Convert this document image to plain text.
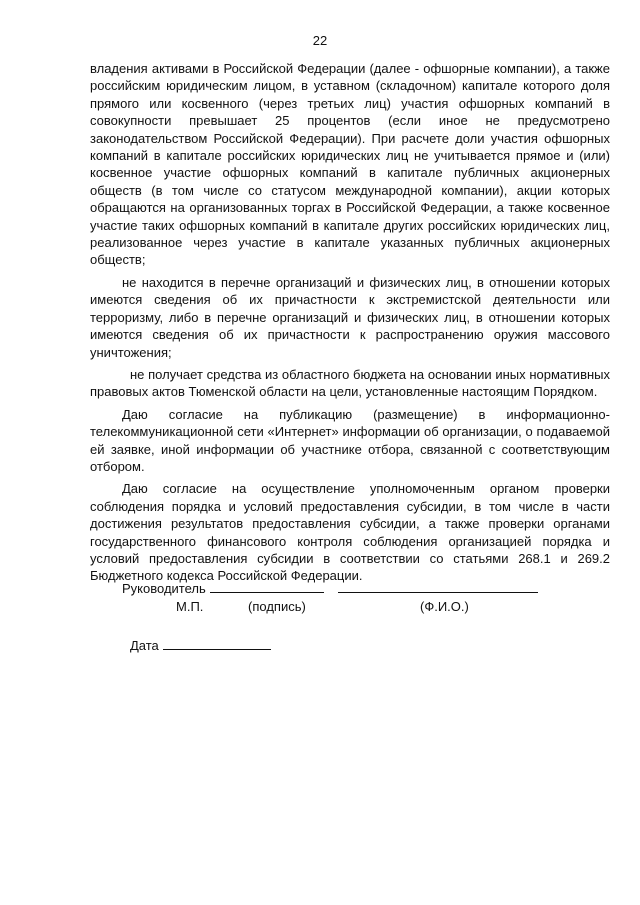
22

владения активами в Российской Федерации (далее - офшорные компании), а также российским юридическим лицом, в уставном (складочном) капитале которого доля прямого или косвенного (через третьих лиц) участия офшорных компаний в совокупности превышает 25 процентов (если иное не предусмотрено законодательством Российской Федерации). При расчете доли участия офшорных компаний в капитале российских юридических лиц не учитывается прямое и (или) косвенное участие офшорных компаний в капитале публичных акционерных обществ (в том числе со статусом международной компании), акции которых обращаются на организованных торгах в Российской Федерации, а также косвенное участие таких офшорных компаний в капитале других российских юридических лиц, реализованное через участие в капитале указанных публичных акционерных обществ;

не находится в перечне организаций и физических лиц, в отношении которых имеются сведения об их причастности к экстремистской деятельности или терроризму, либо в перечне организаций и физических лиц, в отношении которых имеются сведения об их причастности к распространению оружия массового уничтожения;

не получает средства из областного бюджета на основании иных нормативных правовых актов Тюменской области на цели, установленные настоящим Порядком.

Даю согласие на публикацию (размещение) в информационно-телекоммуникационной сети «Интернет» информации об организации, о подаваемой ей заявке, иной информации об участнике отбора, связанной с соответствующим отбором.

Даю согласие на осуществление уполномоченным органом проверки соблюдения порядка и условий предоставления субсидии, в том числе в части достижения результатов предоставления субсидии, а также проверки органами государственного финансового контроля соблюдения организацией порядка и условий предоставления субсидии в соответствии со статьями 268.1 и 269.2 Бюджетного кодекса Российской Федерации.

Руководитель
М.П.	(подпись)	(Ф.И.О.)
Дата
